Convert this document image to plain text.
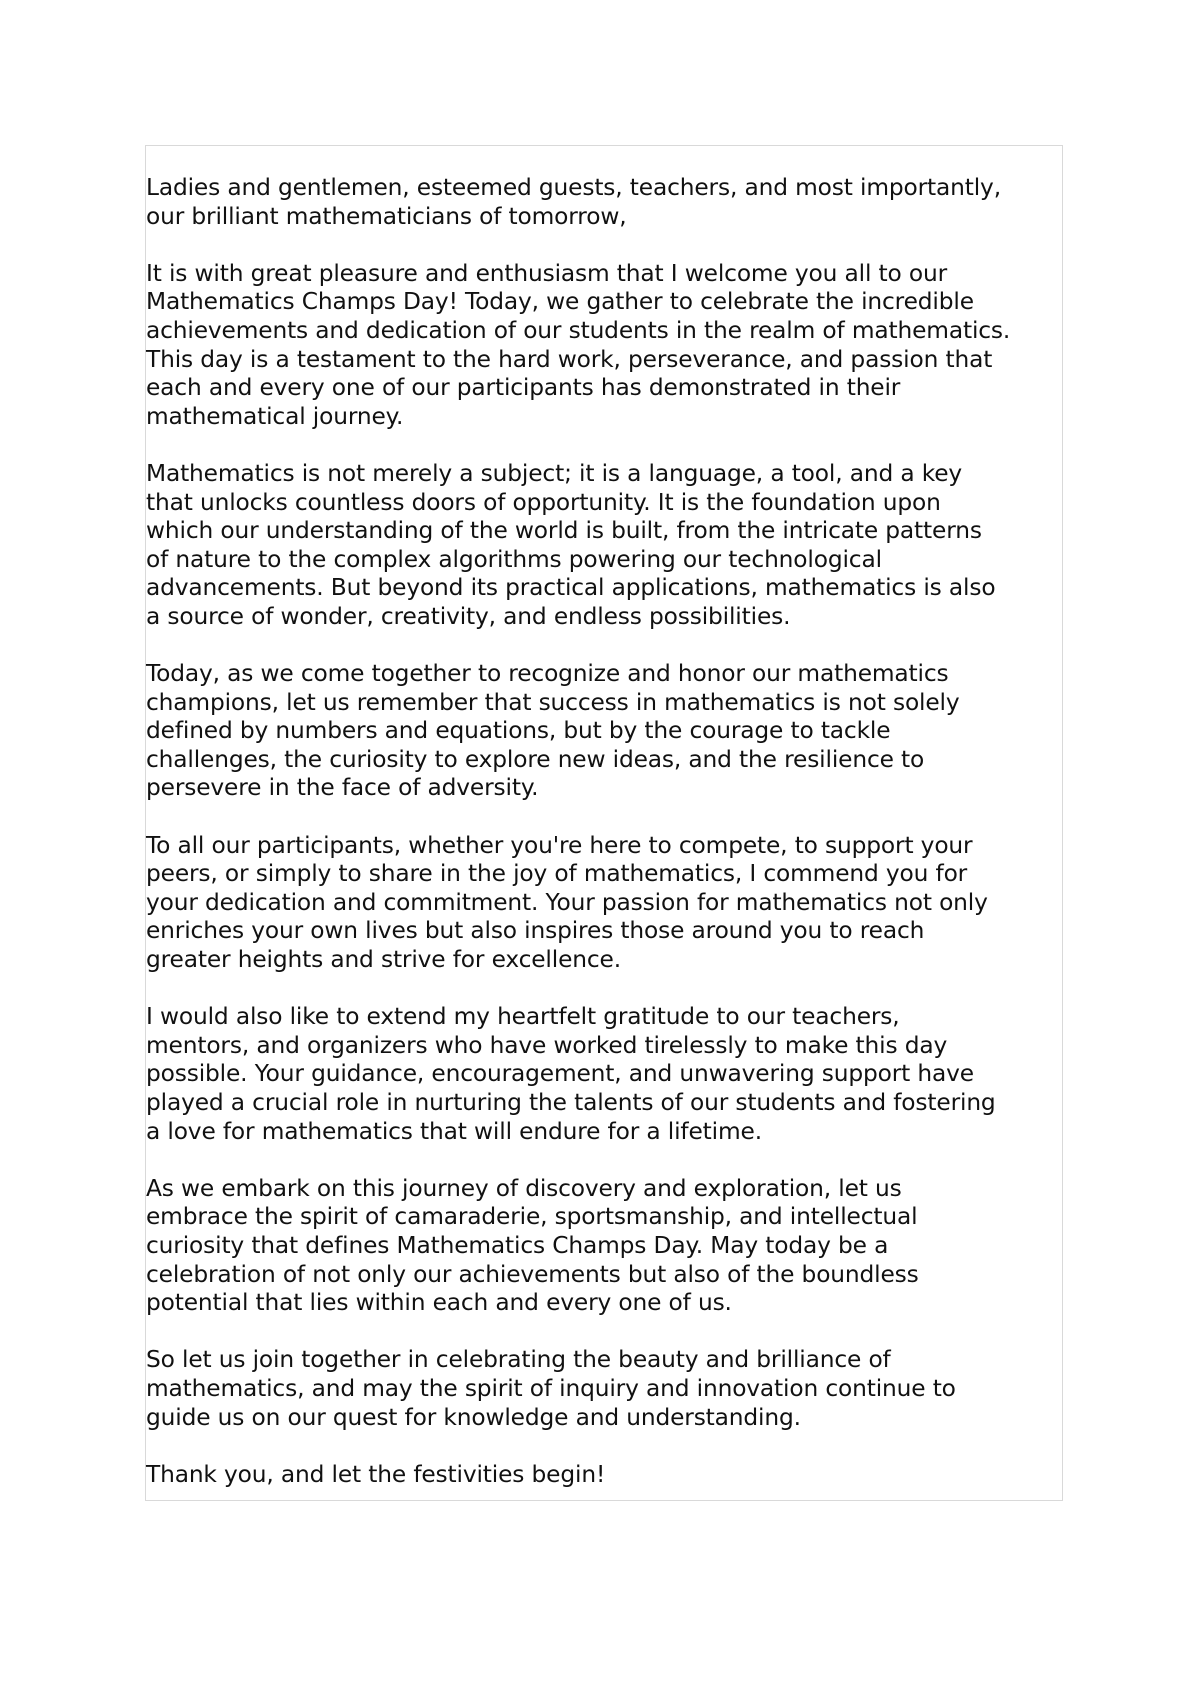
Ladies and gentlemen, esteemed guests, teachers, and most importantly,
our brilliant mathematicians of tomorrow,

It is with great pleasure and enthusiasm that I welcome you all to our
Mathematics Champs Day! Today, we gather to celebrate the incredible
achievements and dedication of our students in the realm of mathematics.
This day is a testament to the hard work, perseverance, and passion that
each and every one of our participants has demonstrated in their
mathematical journey.

Mathematics is not merely a subject; it is a language, a tool, and a key
that unlocks countless doors of opportunity. It is the foundation upon
which our understanding of the world is built, from the intricate patterns
of nature to the complex algorithms powering our technological
advancements. But beyond its practical applications, mathematics is also
a source of wonder, creativity, and endless possibilities.

Today, as we come together to recognize and honor our mathematics
champions, let us remember that success in mathematics is not solely
defined by numbers and equations, but by the courage to tackle
challenges, the curiosity to explore new ideas, and the resilience to
persevere in the face of adversity.

To all our participants, whether you're here to compete, to support your
peers, or simply to share in the joy of mathematics, I commend you for
your dedication and commitment. Your passion for mathematics not only
enriches your own lives but also inspires those around you to reach
greater heights and strive for excellence.

I would also like to extend my heartfelt gratitude to our teachers,
mentors, and organizers who have worked tirelessly to make this day
possible. Your guidance, encouragement, and unwavering support have
played a crucial role in nurturing the talents of our students and fostering
a love for mathematics that will endure for a lifetime.

As we embark on this journey of discovery and exploration, let us
embrace the spirit of camaraderie, sportsmanship, and intellectual
curiosity that defines Mathematics Champs Day. May today be a
celebration of not only our achievements but also of the boundless
potential that lies within each and every one of us.

So let us join together in celebrating the beauty and brilliance of
mathematics, and may the spirit of inquiry and innovation continue to
guide us on our quest for knowledge and understanding.

Thank you, and let the festivities begin!
